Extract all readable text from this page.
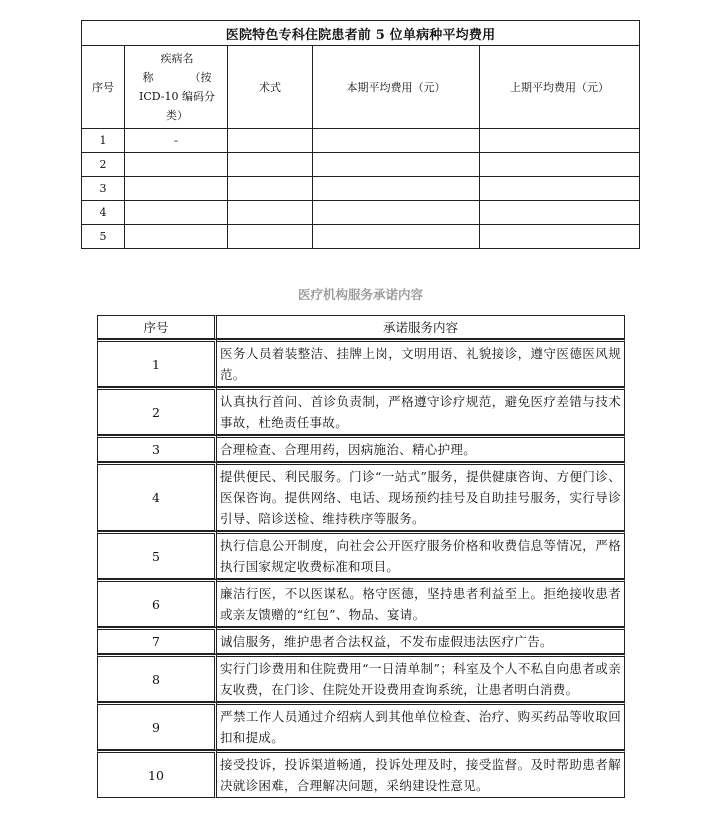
医院特色专科住院患者前 5 位单病种平均费用				
序号	疾病名
称 （按
ICD-10 编码分
类）	术式	本期平均费用（元）	上期平均费用（元）
1	-			
2				
3				
4				
5				
医疗机构服务承诺内容
序号	承诺服务内容
1	医务人员着装整洁、挂牌上岗，文明用语、礼貌接诊，遵守医德医风规范。
2	认真执行首问、首诊负责制，严格遵守诊疗规范，避免医疗差错与技术事故，杜绝责任事故。
3	合理检查、合理用药，因病施治、精心护理。
4	提供便民、利民服务。门诊“一站式”服务，提供健康咨询、方便门诊、医保咨询。提供网络、电话、现场预约挂号及自助挂号服务，实行导诊引导、陪诊送检、维持秩序等服务。
5	执行信息公开制度，向社会公开医疗服务价格和收费信息等情况，严格执行国家规定收费标准和项目。
6	廉洁行医，不以医谋私。格守医德，坚持患者利益至上。拒绝接收患者或亲友馈赠的“红包”、物品、宴请。
7	诚信服务，维护患者合法权益，不发布虚假违法医疗广告。
8	实行门诊费用和住院费用“一日清单制”；科室及个人不私自向患者或亲友收费，在门诊、住院处开设费用查询系统，让患者明白消费。
9	严禁工作人员通过介绍病人到其他单位检查、治疗、购买药品等收取回扣和提成。
10	接受投诉，投诉渠道畅通，投诉处理及时，接受监督。及时帮助患者解决就诊困难，合理解决问题，采纳建设性意见。
